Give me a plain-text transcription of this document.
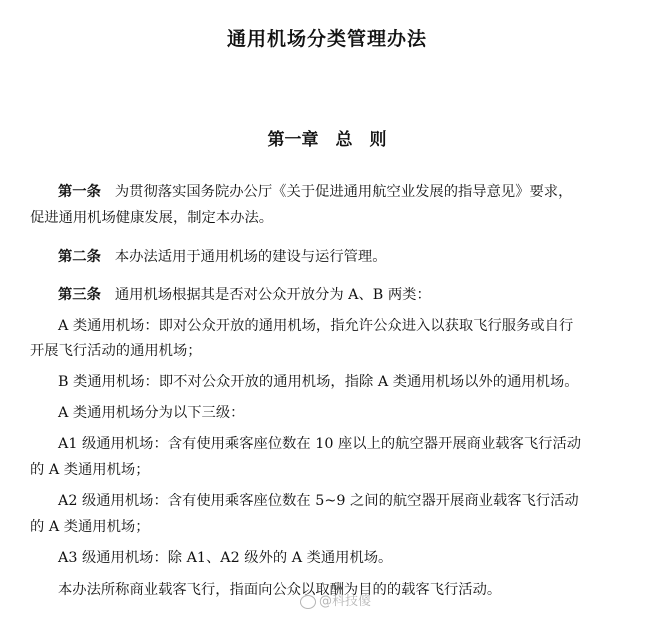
通用机场分类管理办法
第一章　总　则
第一条 为贯彻落实国务院办公厅《关于促进通用航空业发展的指导意见》要求，
促进通用机场健康发展，制定本办法。
第二条 本办法适用于通用机场的建设与运行管理。
第三条 通用机场根据其是否对公众开放分为 A、B 两类：
A 类通用机场：即对公众开放的通用机场，指允许公众进入以获取飞行服务或自行
开展飞行活动的通用机场；
B 类通用机场：即不对公众开放的通用机场，指除 A 类通用机场以外的通用机场。
A 类通用机场分为以下三级：
A1 级通用机场：含有使用乘客座位数在 10 座以上的航空器开展商业载客飞行活动
的 A 类通用机场；
A2 级通用机场：含有使用乘客座位数在 5~9 之间的航空器开展商业载客飞行活动
的 A 类通用机场；
A3 级通用机场：除 A1、A2 级外的 A 类通用机场。
本办法所称商业载客飞行，指面向公众以取酬为目的的载客飞行活动。
@科技傻
